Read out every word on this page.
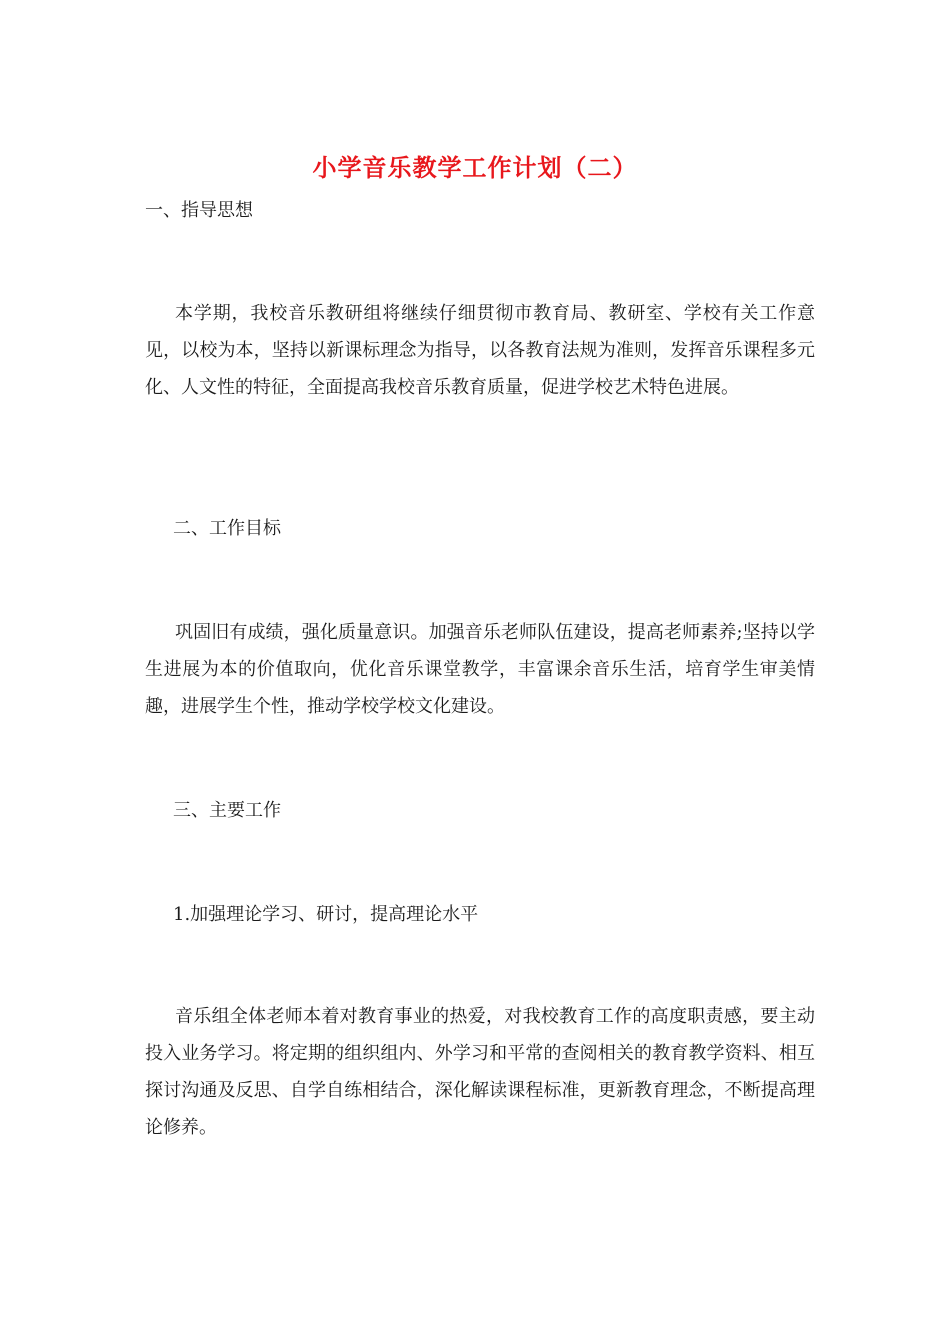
小学音乐教学工作计划（二）
一、指导思想
本学期，我校音乐教研组将继续仔细贯彻市教育局、教研室、学校有关工作意见，以校为本，坚持以新课标理念为指导，以各教育法规为准则，发挥音乐课程多元化、人文性的特征，全面提高我校音乐教育质量，促进学校艺术特色进展。
二、工作目标
巩固旧有成绩，强化质量意识。加强音乐老师队伍建设，提高老师素养;坚持以学生进展为本的价值取向，优化音乐课堂教学，丰富课余音乐生活，培育学生审美情趣，进展学生个性，推动学校学校文化建设。
三、主要工作
1.加强理论学习、研讨，提高理论水平
音乐组全体老师本着对教育事业的热爱，对我校教育工作的高度职责感，要主动投入业务学习。将定期的组织组内、外学习和平常的查阅相关的教育教学资料、相互探讨沟通及反思、自学自练相结合，深化解读课程标准，更新教育理念，不断提高理论修养。
